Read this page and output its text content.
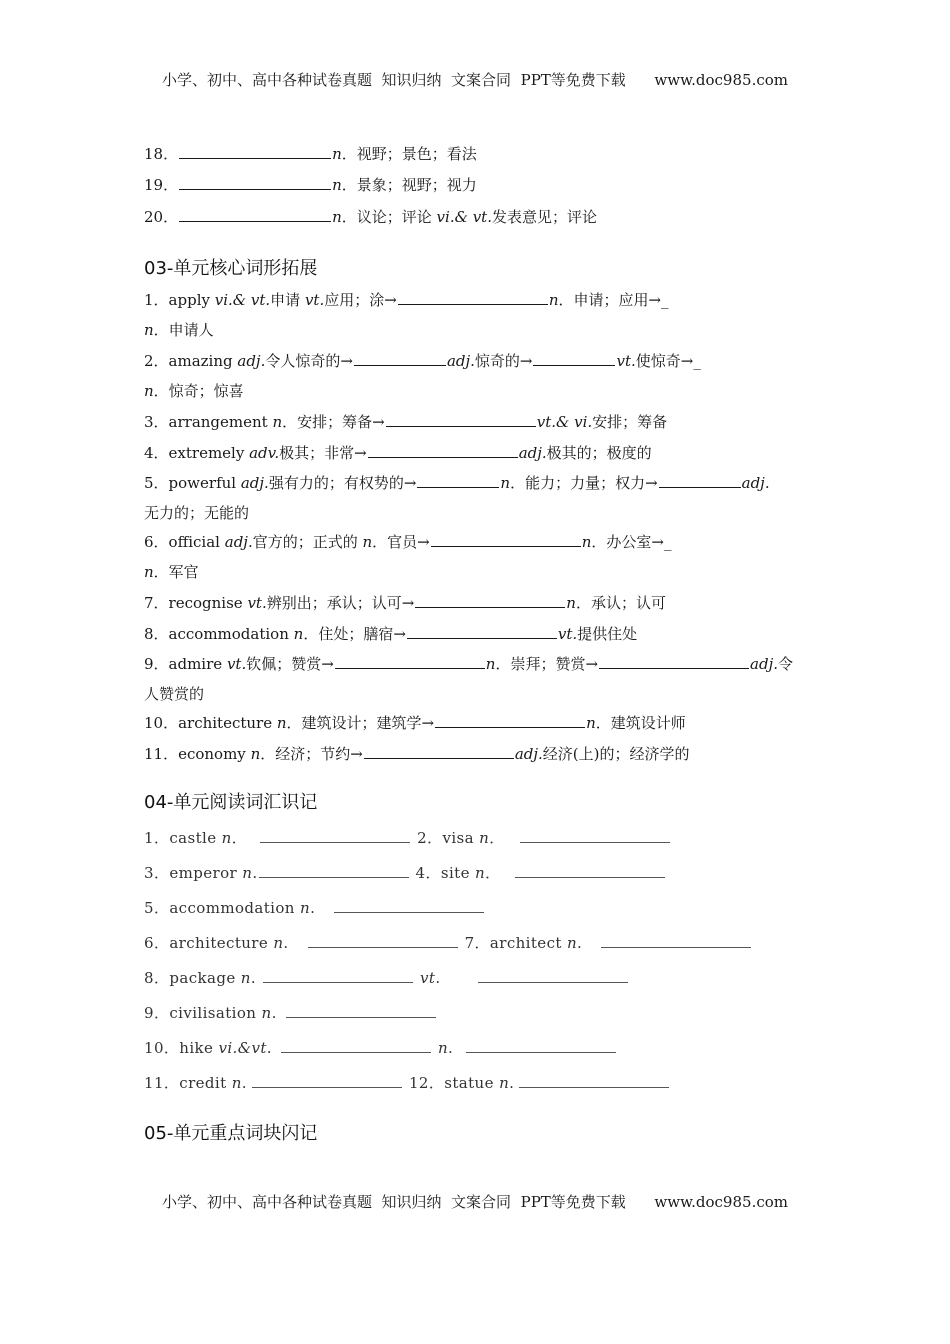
小学、初中、高中各种试卷真题  知识归纳  文案合同  PPT等免费下载      www.doc985.com
18．	n．视野；景色；看法
19．	n．景象；视野；视力
20．	n．议论；评论 vi.& vt.发表意见；评论
03-单元核心词形拓展
1．apply vi.& vt.申请 vt.应用；涂→	n．申请；应用→_
n．申请人
2．amazing adj.令人惊奇的→	adj.惊奇的→	vt.使惊奇→_
n．惊奇；惊喜
3．arrangement n．安排；筹备→	vt.& vi.安排；筹备
4．extremely adv.极其；非常→	adj.极其的；极度的
5．powerful adj.强有力的；有权势的→	n．能力；力量；权力→	adj.
无力的；无能的
6．official adj.官方的；正式的 n．官员→	n．办公室→_
n．军官
7．recognise vt.辨别出；承认；认可→	n．承认；认可
8．accommodation n．住处；膳宿→	vt.提供住处
9．admire vt.钦佩；赞赏→	n．崇拜；赞赏→	adj.令
人赞赏的
10．architecture n．建筑设计；建筑学→	n．建筑设计师
11．economy n．经济；节约→	adj.经济(上)的；经济学的
04-单元阅读词汇识记
1．castle n．	2．visa n．
3．emperor n.	4．site n．
5．accommodation n.
6．architecture n.	7．architect n.
8．package n.	vt.
9．civilisation n.
10．hike vi.&vt.	n.
11．credit n.	12．statue n.
05-单元重点词块闪记
小学、初中、高中各种试卷真题  知识归纳  文案合同  PPT等免费下载      www.doc985.com
